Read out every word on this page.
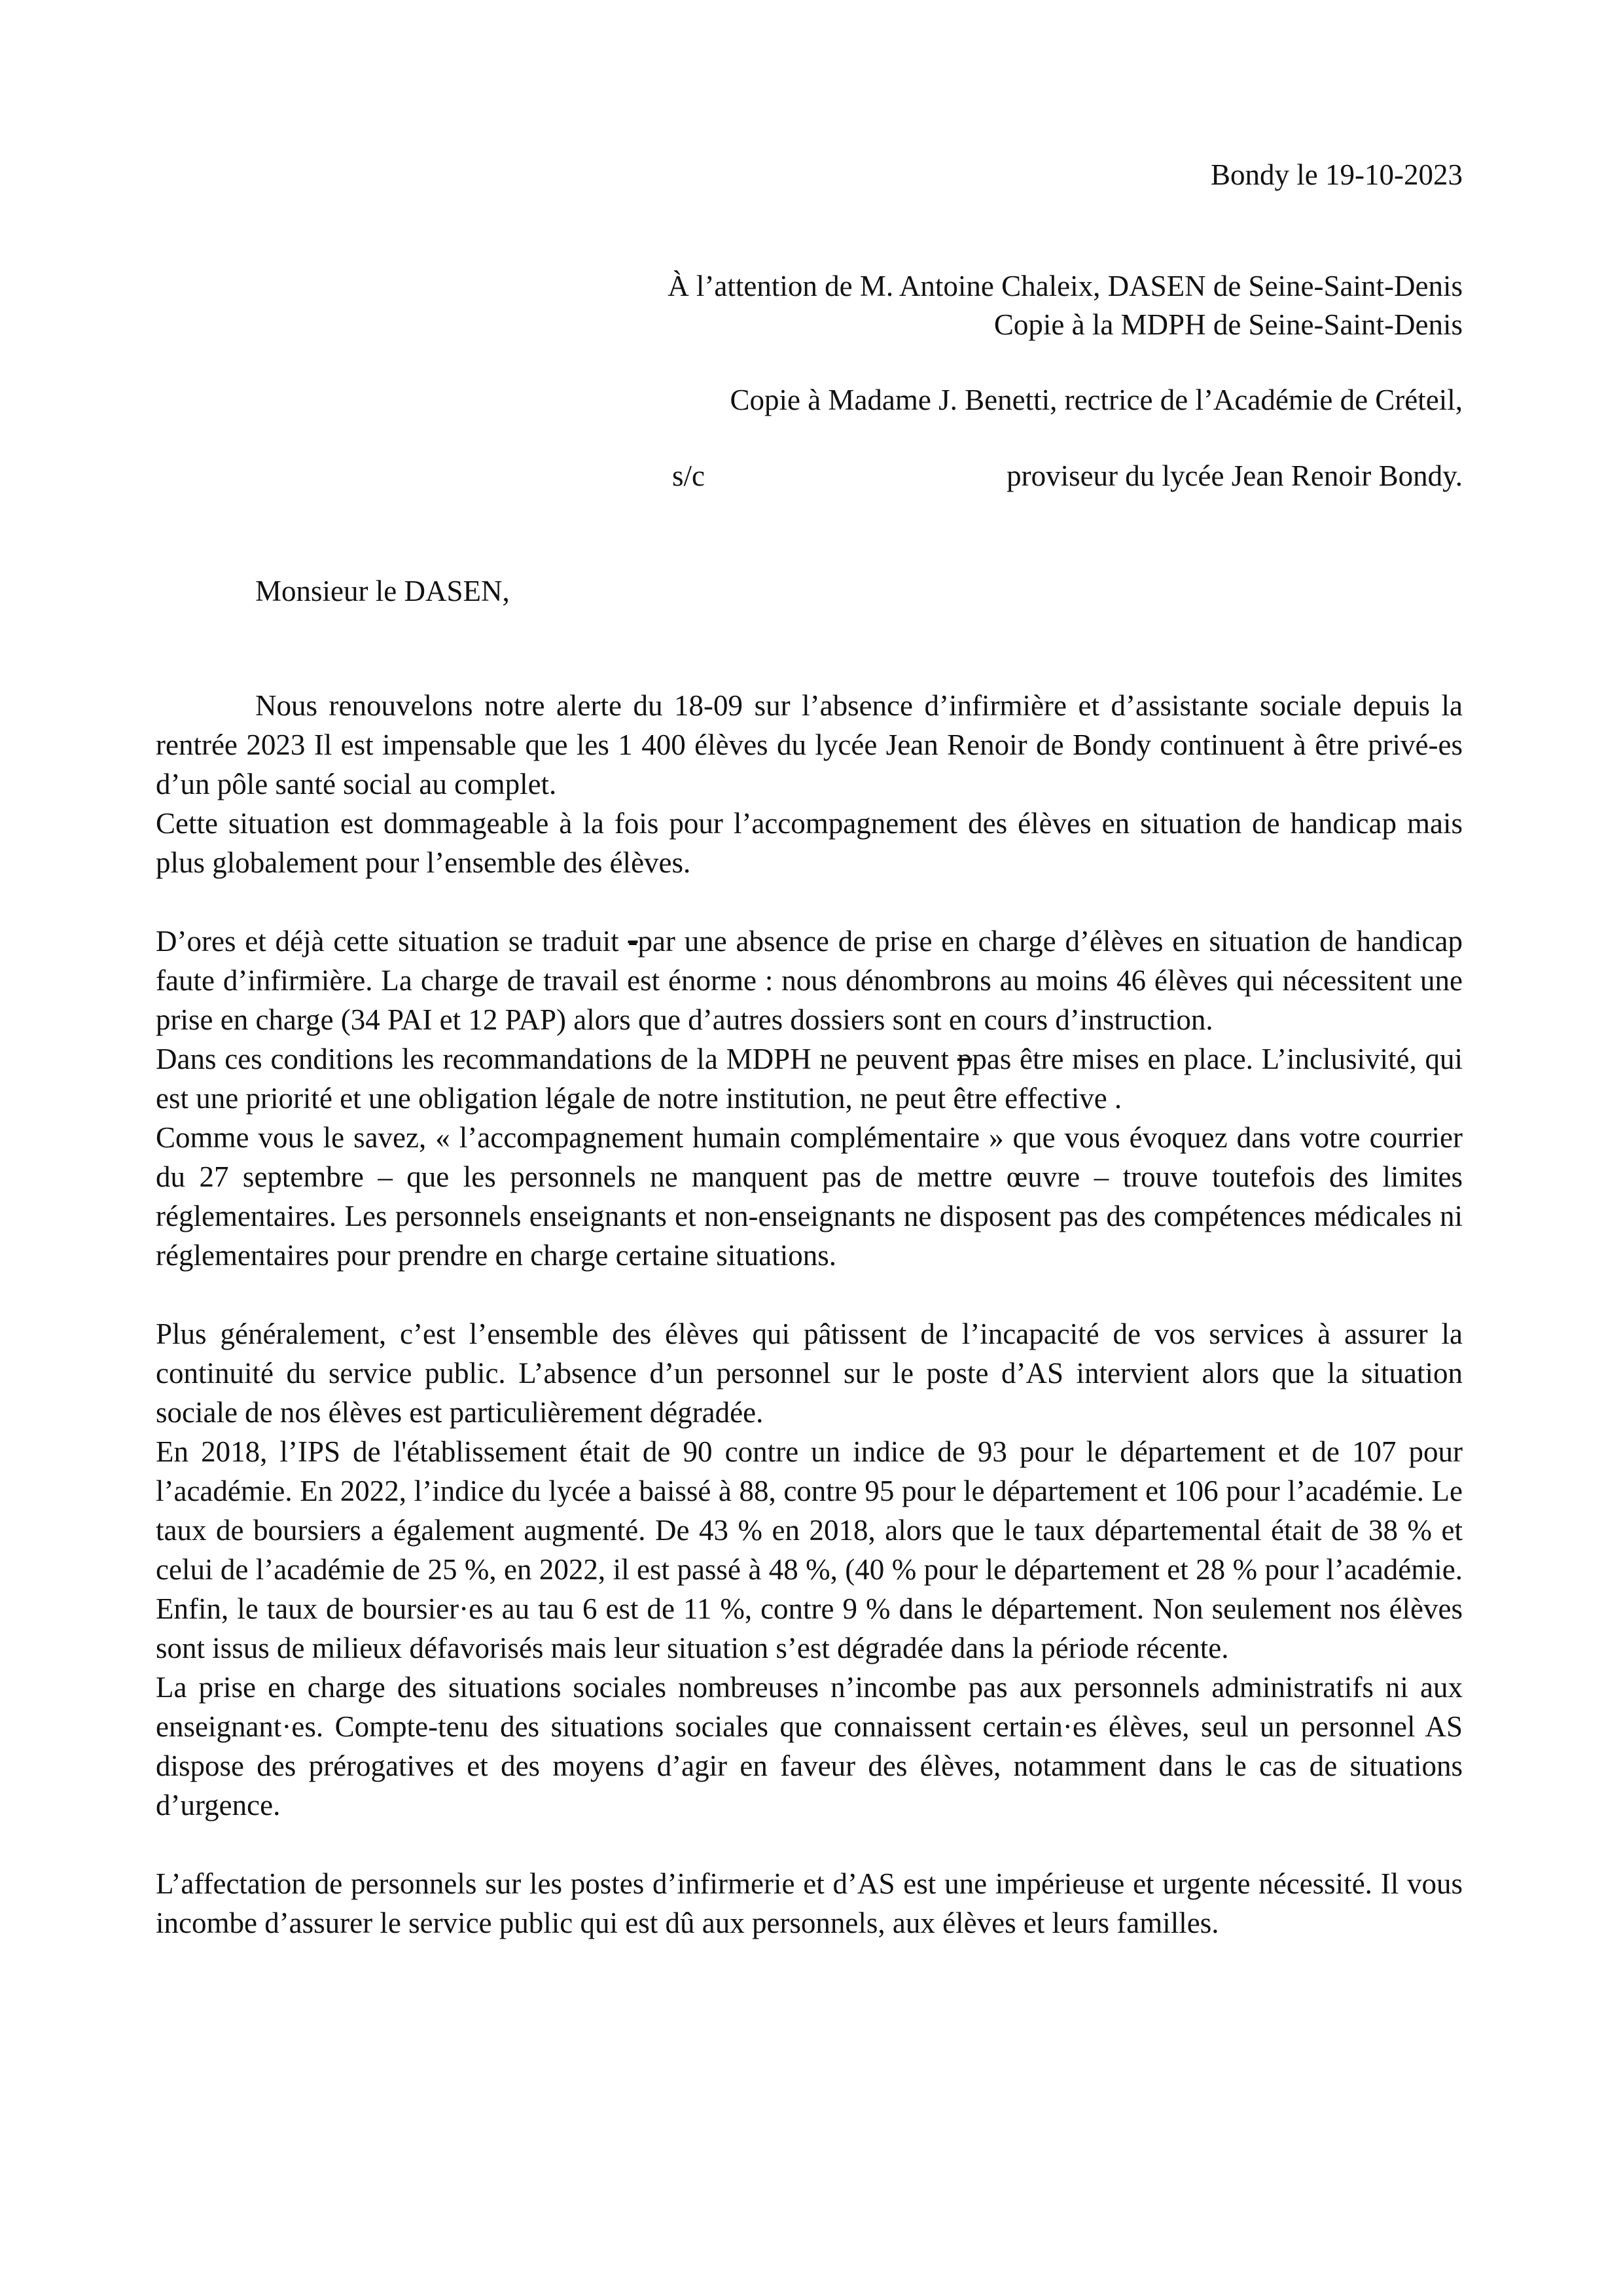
Bondy le 19-10-2023
À l’attention de M. Antoine Chaleix, DASEN de Seine-Saint-Denis
Copie à la MDPH de Seine-Saint-Denis
Copie à Madame J. Benetti, rectrice de l’Académie de Créteil,
s/c	proviseur du lycée Jean Renoir Bondy.
Monsieur le DASEN,

Nous renouvelons notre alerte du 18-09 sur l’absence d’infirmière et d’assistante sociale depuis la rentrée 2023 Il est impensable que les 1 400 élèves du lycée Jean Renoir de Bondy continuent à être privé-es d’un pôle santé social au complet.

Cette situation est dommageable à la fois pour l’accompagnement des élèves en situation de handicap mais plus globalement pour l’ensemble des élèves.

D’ores et déjà cette situation se traduit -par une absence de prise en charge d’élèves en situation de handicap faute d’infirmière. La charge de travail est énorme : nous dénombrons au moins 46 élèves qui nécessitent une prise en charge (34 PAI et 12 PAP) alors que d’autres dossiers sont en cours d’instruction.

Dans ces conditions les recommandations de la MDPH ne peuvent ppas être mises en place. L’inclusivité, qui est une priorité et une obligation légale de notre institution, ne peut être effective .

Comme vous le savez, « l’accompagnement humain complémentaire » que vous évoquez dans votre courrier du 27 septembre – que les personnels ne manquent pas de mettre œuvre – trouve toutefois des limites réglementaires. Les personnels enseignants et non-enseignants ne disposent pas des compétences médicales ni réglementaires pour prendre en charge certaine situations.

Plus généralement, c’est l’ensemble des élèves qui pâtissent de l’incapacité de vos services à assurer la continuité du service public. L’absence d’un personnel sur le poste d’AS intervient alors que la situation sociale de nos élèves est particulièrement dégradée.

En 2018, l’IPS de l'établissement était de 90 contre un indice de 93 pour le département et de 107 pour l’académie. En 2022, l’indice du lycée a baissé à 88, contre 95 pour le département et 106 pour l’académie. Le taux de boursiers a également augmenté. De 43 % en 2018, alors que le taux départemental était de 38 % et celui de l’académie de 25 %, en 2022, il est passé à 48 %, (40 % pour le département et 28 % pour l’académie. Enfin, le taux de boursier·es au tau 6 est de 11 %, contre 9 % dans le département. Non seulement nos élèves sont issus de milieux défavorisés mais leur situation s’est dégradée dans la période récente.

La prise en charge des situations sociales nombreuses n’incombe pas aux personnels administratifs ni aux enseignant·es. Compte-tenu des situations sociales que connaissent certain·es élèves, seul un personnel AS dispose des prérogatives et des moyens d’agir en faveur des élèves, notamment dans le cas de situations d’urgence.

L’affectation de personnels sur les postes d’infirmerie et d’AS est une impérieuse et urgente nécessité. Il vous incombe d’assurer le service public qui est dû aux personnels, aux élèves et leurs familles.
